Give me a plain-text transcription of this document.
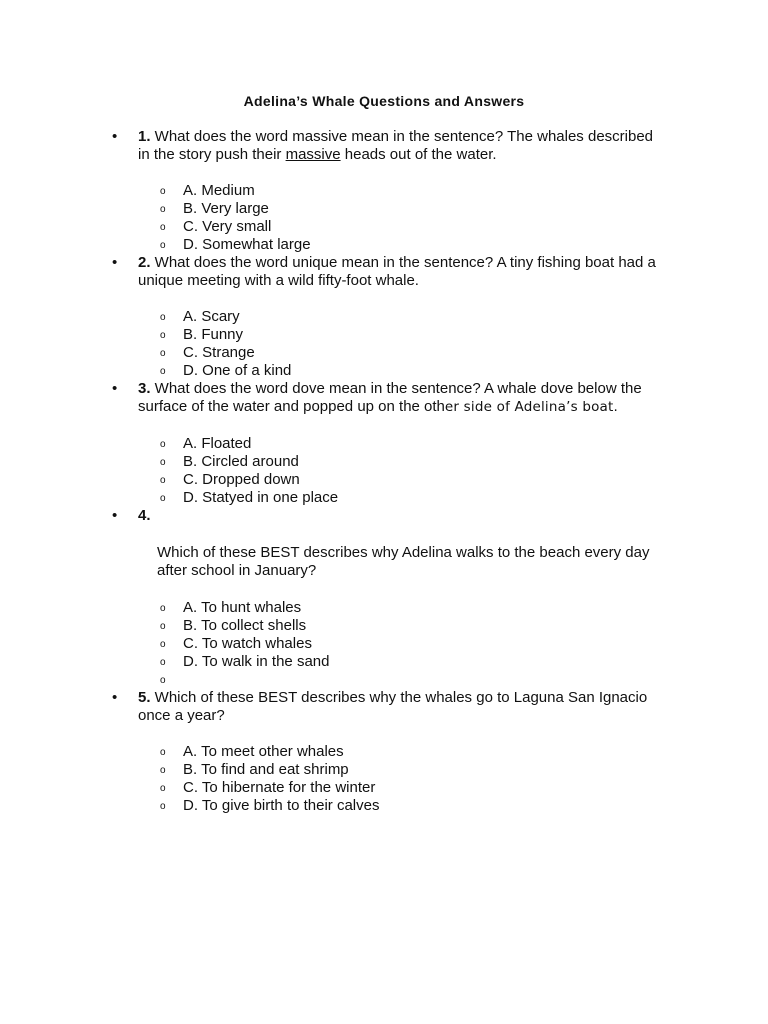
Adelina’s Whale Questions and Answers
• 1. What does the word massive mean in the sentence? The whales described in the story push their massive heads out of the water.
o A. Medium
o B. Very large
o C. Very small
o D. Somewhat large
• 2. What does the word unique mean in the sentence? A tiny fishing boat had a unique meeting with a wild fifty-foot whale.
o A. Scary
o B. Funny
o C. Strange
o D. One of a kind
• 3. What does the word dove mean in the sentence? A whale dove below the surface of the water and popped up on the other side of Adelina’s boat.
o A. Floated
o B. Circled around
o C. Dropped down
o D. Statyed in one place
• 4.
Which of these BEST describes why Adelina walks to the beach every day after school in January?
o A. To hunt whales
o B. To collect shells
o C. To watch whales
o D. To walk in the sand
o
• 5. Which of these BEST describes why the whales go to Laguna San Ignacio once a year?
o A. To meet other whales
o B. To find and eat shrimp
o C. To hibernate for the winter
o D. To give birth to their calves
